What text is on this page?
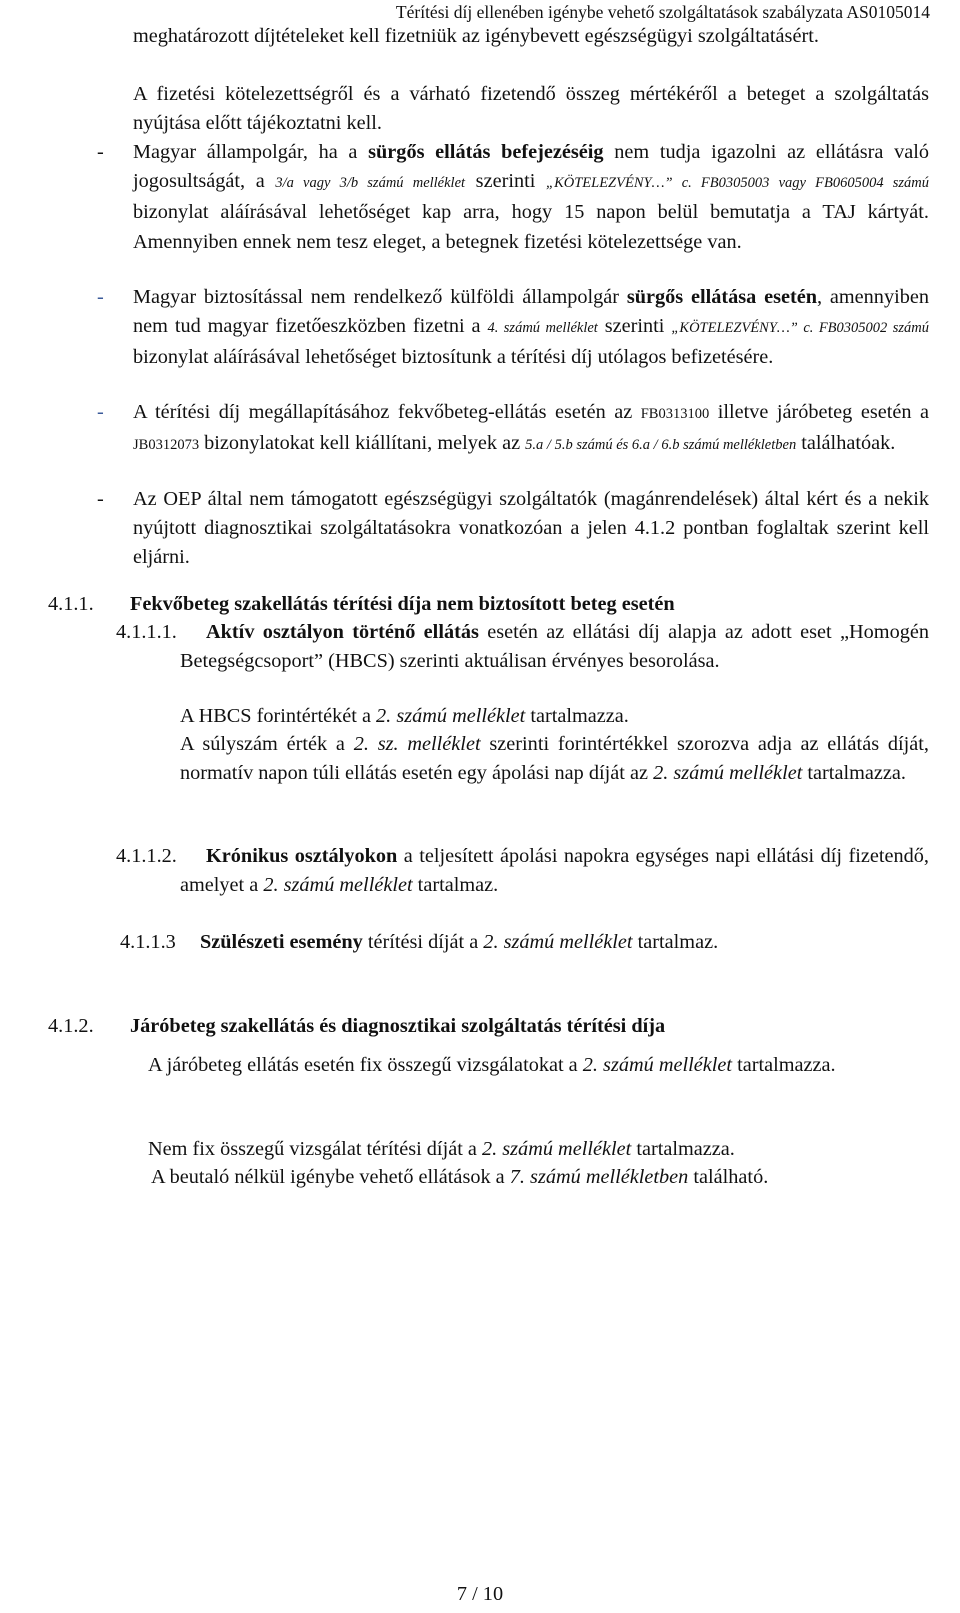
Térítési díj ellenében igénybe vehető szolgáltatások szabályzata AS0105014
meghatározott díjtételeket kell fizetniük az igénybevett egészségügyi szolgáltatásért.
A fizetési kötelezettségről és a várható fizetendő összeg mértékéről a beteget a szolgáltatás nyújtása előtt tájékoztatni kell.
- Magyar állampolgár, ha a sürgős ellátás befejezéséig nem tudja igazolni az ellátásra való jogosultságát, a 3/a vagy 3/b számú melléklet szerinti „KÖTELEZVÉNY…” c. FB0305003 vagy FB0605004 számú bizonylat aláírásával lehetőséget kap arra, hogy 15 napon belül bemutatja a TAJ kártyát. Amennyiben ennek nem tesz eleget, a betegnek fizetési kötelezettsége van.
- Magyar biztosítással nem rendelkező külföldi állampolgár sürgős ellátása esetén, amennyiben nem tud magyar fizetőeszközben fizetni a 4. számú melléklet szerinti „KÖTELEZVÉNY…” c. FB0305002 számú bizonylat aláírásával lehetőséget biztosítunk a térítési díj utólagos befizetésére.
- A térítési díj megállapításához fekvőbeteg-ellátás esetén az FB0313100 illetve járóbeteg esetén a JB0312073 bizonylatokat kell kiállítani, melyek az 5.a / 5.b számú és 6.a / 6.b számú mellékletben találhatóak.
- Az OEP által nem támogatott egészségügyi szolgáltatók (magánrendelések) által kért és a nekik nyújtott diagnosztikai szolgáltatásokra vonatkozóan a jelen 4.1.2 pontban foglaltak szerint kell eljárni.
4.1.1. Fekvőbeteg szakellátás térítési díja nem biztosított beteg esetén
4.1.1.1.	Aktív osztályon történő ellátás esetén az ellátási díj alapja az adott eset „Homogén Betegségcsoport” (HBCS) szerinti aktuálisan érvényes besorolása.
A HBCS forintértékét a 2. számú melléklet tartalmazza.
A súlyszám érték a 2. sz. melléklet szerinti forintértékkel szorozva adja az ellátás díját, normatív napon túli ellátás esetén egy ápolási nap díját az 2. számú melléklet tartalmazza.
4.1.1.2.	Krónikus osztályokon a teljesített ápolási napokra egységes napi ellátási díj fizetendő, amelyet a 2. számú melléklet tartalmaz.
4.1.1.3 Szülészeti esemény térítési díját a 2. számú melléklet tartalmaz.
4.1.2. Járóbeteg szakellátás és diagnosztikai szolgáltatás térítési díja
A járóbeteg ellátás esetén fix összegű vizsgálatokat a 2. számú melléklet tartalmazza.
Nem fix összegű vizsgálat térítési díját a 2. számú melléklet tartalmazza.
A beutaló nélkül igénybe vehető ellátások a 7. számú mellékletben található.
7 / 10
